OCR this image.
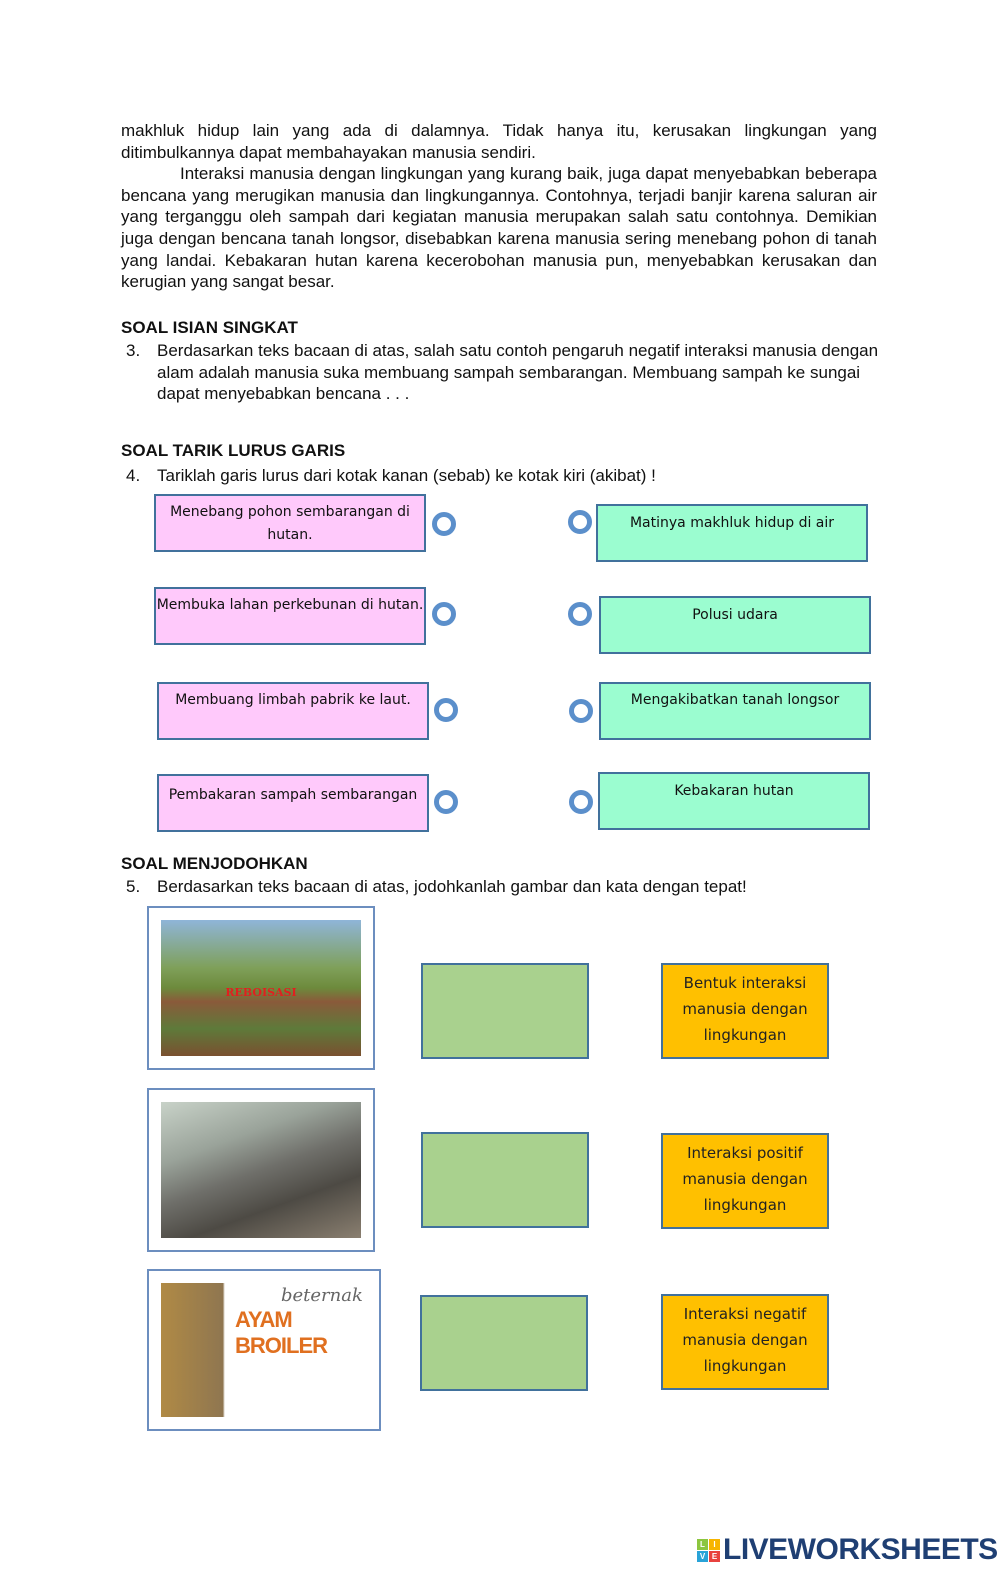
makhluk hidup lain yang ada di dalamnya. Tidak hanya itu, kerusakan lingkungan yang ditimbulkannya dapat membahayakan manusia sendiri.

Interaksi manusia dengan lingkungan yang kurang baik, juga dapat menyebabkan beberapa bencana yang merugikan manusia dan lingkungannya. Contohnya, terjadi banjir karena saluran air yang terganggu oleh sampah dari kegiatan manusia merupakan salah satu contohnya. Demikian juga dengan bencana tanah longsor, disebabkan karena manusia sering menebang pohon di tanah yang landai. Kebakaran hutan karena kecerobohan manusia pun, menyebabkan kerusakan dan kerugian yang sangat besar.

SOAL ISIAN SINGKAT
3. Berdasarkan teks bacaan di atas, salah satu contoh pengaruh negatif interaksi manusia dengan alam adalah manusia suka membuang sampah sembarangan. Membuang sampah ke sungai dapat menyebabkan bencana . . .
SOAL TARIK LURUS GARIS
4. Tariklah garis lurus dari kotak kanan (sebab) ke kotak kiri (akibat) !
Menebang pohon sembarangan di hutan.
Membuka lahan perkebunan di hutan.
Membuang limbah pabrik ke laut.
Pembakaran sampah sembarangan
Matinya makhluk hidup di air
Polusi udara
Mengakibatkan tanah longsor
Kebakaran hutan
SOAL MENJODOHKAN
5. Berdasarkan teks bacaan di atas, jodohkanlah gambar dan kata dengan tepat!
REBOISASI
beternak
AYAM BROILER
Bentuk interaksi manusia dengan lingkungan
Interaksi positif manusia dengan lingkungan
Interaksi negatif manusia dengan lingkungan
L	I
V E LIVEWORKSHEETS
